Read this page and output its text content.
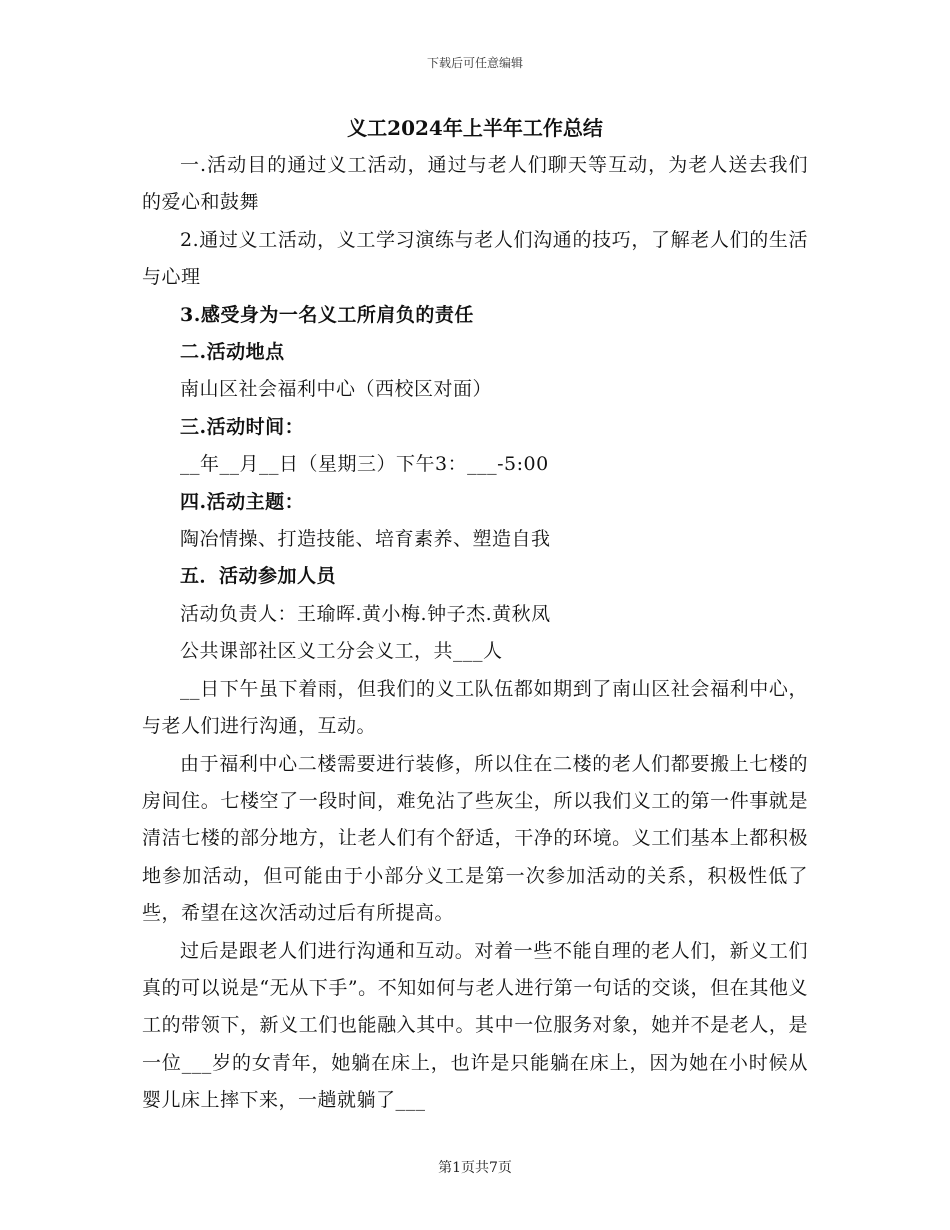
下载后可任意编辑
义工2024年上半年工作总结

一.活动目的通过义工活动，通过与老人们聊天等互动，为老人送去我们的爱心和鼓舞

2.通过义工活动，义工学习演练与老人们沟通的技巧，了解老人们的生活与心理

3.感受身为一名义工所肩负的责任

二.活动地点

南山区社会福利中心（西校区对面）

三.活动时间：

__年__月__日（星期三）下午3：___-5:00

四.活动主题：

陶冶情操、打造技能、培育素养、塑造自我

五．活动参加人员

活动负责人：王瑜晖.黄小梅.钟子杰.黄秋凤

公共课部社区义工分会义工，共___人

__日下午虽下着雨，但我们的义工队伍都如期到了南山区社会福利中心，与老人们进行沟通，互动。

由于福利中心二楼需要进行装修，所以住在二楼的老人们都要搬上七楼的房间住。七楼空了一段时间，难免沾了些灰尘，所以我们义工的第一件事就是清洁七楼的部分地方，让老人们有个舒适，干净的环境。义工们基本上都积极地参加活动，但可能由于小部分义工是第一次参加活动的关系，积极性低了些，希望在这次活动过后有所提高。

过后是跟老人们进行沟通和互动。对着一些不能自理的老人们，新义工们真的可以说是“无从下手”。不知如何与老人进行第一句话的交谈，但在其他义工的带领下，新义工们也能融入其中。其中一位服务对象，她并不是老人，是一位___岁的女青年，她躺在床上，也许是只能躺在床上，因为她在小时候从婴儿床上摔下来，一趟就躺了___

第1页共7页
